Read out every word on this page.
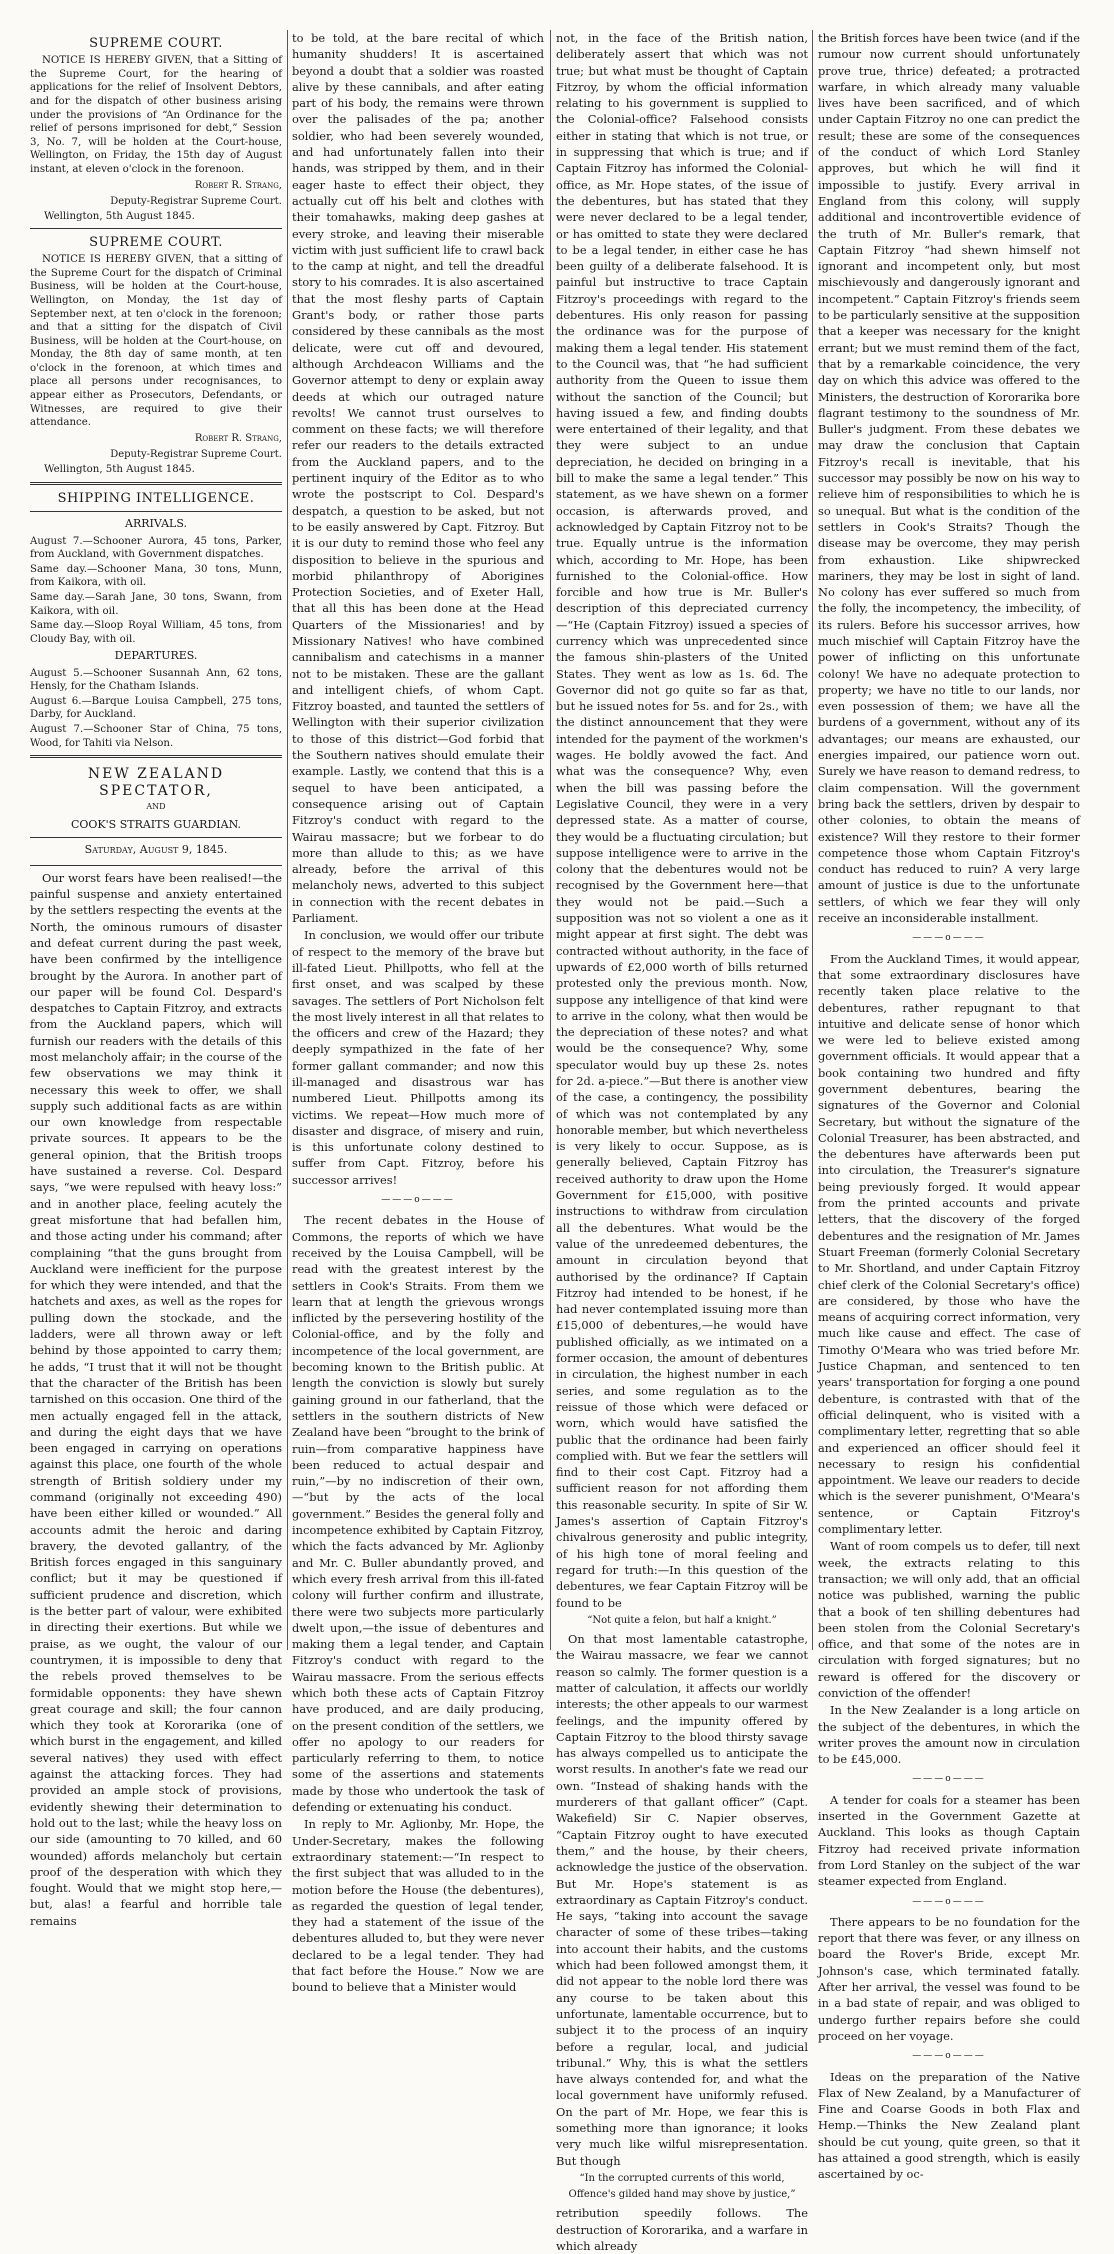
SUPREME COURT.

NOTICE IS HEREBY GIVEN, that a Sitting of the Supreme Court, for the hearing of applications for the relief of Insolvent Debtors, and for the dispatch of other business arising under the provisions of “An Ordinance for the relief of persons imprisoned for debt,” Session 3, No. 7, will be holden at the Court-house, Wellington, on Friday, the 15th day of August instant, at eleven o'clock in the forenoon.

Robert R. Strang,
Deputy-Registrar Supreme Court.
Wellington, 5th August 1845.
SUPREME COURT.

NOTICE IS HEREBY GIVEN, that a sitting of the Supreme Court for the dispatch of Criminal Business, will be holden at the Court-house, Wellington, on Monday, the 1st day of September next, at ten o'clock in the forenoon; and that a sitting for the dispatch of Civil Business, will be holden at the Court-house, on Monday, the 8th day of same month, at ten o'clock in the forenoon, at which times and place all persons under recognisances, to appear either as Prosecutors, Defendants, or Witnesses, are required to give their attendance.

Robert R. Strang,
Deputy-Registrar Supreme Court.
Wellington, 5th August 1845.
SHIPPING INTELLIGENCE.
ARRIVALS.

August 7.—Schooner Aurora, 45 tons, Parker, from Auckland, with Government dispatches.

Same day.—Schooner Mana, 30 tons, Munn, from Kaikora, with oil.

Same day.—Sarah Jane, 30 tons, Swann, from Kaikora, with oil.

Same day.—Sloop Royal William, 45 tons, from Cloudy Bay, with oil.

DEPARTURES.

August 5.—Schooner Susannah Ann, 62 tons, Hensly, for the Chatham Islands.

August 6.—Barque Louisa Campbell, 275 tons, Darby, for Auckland.

August 7.—Schooner Star of China, 75 tons, Wood, for Tahiti via Nelson.

NEW ZEALAND SPECTATOR,
AND
COOK'S STRAITS GUARDIAN.
Saturday, August 9, 1845.

Our worst fears have been realised!—the painful suspense and anxiety entertained by the settlers respecting the events at the North, the ominous rumours of disaster and defeat current during the past week, have been confirmed by the intelligence brought by the Aurora. In another part of our paper will be found Col. Despard's despatches to Captain Fitzroy, and extracts from the Auckland papers, which will furnish our readers with the details of this most melancholy affair; in the course of the few observations we may think it necessary this week to offer, we shall supply such additional facts as are within our own knowledge from respectable private sources. It appears to be the general opinion, that the British troops have sustained a reverse. Col. Despard says, “we were repulsed with heavy loss:” and in another place, feeling acutely the great misfortune that had befallen him, and those acting under his command; after complaining “that the guns brought from Auckland were inefficient for the purpose for which they were intended, and that the hatchets and axes, as well as the ropes for pulling down the stockade, and the ladders, were all thrown away or left behind by those appointed to carry them; he adds, “I trust that it will not be thought that the character of the British has been tarnished on this occasion. One third of the men actually engaged fell in the attack, and during the eight days that we have been engaged in carrying on operations against this place, one fourth of the whole strength of British soldiery under my command (originally not exceeding 490) have been either killed or wounded.” All accounts admit the heroic and daring bravery, the devoted gallantry, of the British forces engaged in this sanguinary conflict; but it may be questioned if sufficient prudence and discretion, which is the better part of valour, were exhibited in directing their exertions. But while we praise, as we ought, the valour of our countrymen, it is impossible to deny that the rebels proved themselves to be formidable opponents: they have shewn great courage and skill; the four cannon which they took at Kororarika (one of which burst in the engagement, and killed several natives) they used with effect against the attacking forces. They had provided an ample stock of provisions, evidently shewing their determination to hold out to the last; while the heavy loss on our side (amounting to 70 killed, and 60 wounded) affords melancholy but certain proof of the desperation with which they fought. Would that we might stop here,—but, alas! a fearful and horrible tale remains

to be told, at the bare recital of which humanity shudders! It is ascertained beyond a doubt that a soldier was roasted alive by these cannibals, and after eating part of his body, the remains were thrown over the palisades of the pa; another soldier, who had been severely wounded, and had unfortunately fallen into their hands, was stripped by them, and in their eager haste to effect their object, they actually cut off his belt and clothes with their tomahawks, making deep gashes at every stroke, and leaving their miserable victim with just sufficient life to crawl back to the camp at night, and tell the dreadful story to his comrades. It is also ascertained that the most fleshy parts of Captain Grant's body, or rather those parts considered by these cannibals as the most delicate, were cut off and devoured, although Archdeacon Williams and the Governor attempt to deny or explain away deeds at which our outraged nature revolts! We cannot trust ourselves to comment on these facts; we will therefore refer our readers to the details extracted from the Auckland papers, and to the pertinent inquiry of the Editor as to who wrote the postscript to Col. Despard's despatch, a question to be asked, but not to be easily answered by Capt. Fitzroy. But it is our duty to remind those who feel any disposition to believe in the spurious and morbid philanthropy of Aborigines Protection Societies, and of Exeter Hall, that all this has been done at the Head Quarters of the Missionaries! and by Missionary Natives! who have combined cannibalism and catechisms in a manner not to be mistaken. These are the gallant and intelligent chiefs, of whom Capt. Fitzroy boasted, and taunted the settlers of Wellington with their superior civilization to those of this district—God forbid that the Southern natives should emulate their example. Lastly, we contend that this is a sequel to have been anticipated, a consequence arising out of Captain Fitzroy's conduct with regard to the Wairau massacre; but we forbear to do more than allude to this; as we have already, before the arrival of this melancholy news, adverted to this subject in connection with the recent debates in Parliament.

In conclusion, we would offer our tribute of respect to the memory of the brave but ill-fated Lieut. Phillpotts, who fell at the first onset, and was scalped by these savages. The settlers of Port Nicholson felt the most lively interest in all that relates to the officers and crew of the Hazard; they deeply sympathized in the fate of her former gallant commander; and now this ill-managed and disastrous war has numbered Lieut. Phillpotts among its victims. We repeat—How much more of disaster and disgrace, of misery and ruin, is this unfortunate colony destined to suffer from Capt. Fitzroy, before his successor arrives!

———o———

The recent debates in the House of Commons, the reports of which we have received by the Louisa Campbell, will be read with the greatest interest by the settlers in Cook's Straits. From them we learn that at length the grievous wrongs inflicted by the persevering hostility of the Colonial-office, and by the folly and incompetence of the local government, are becoming known to the British public. At length the conviction is slowly but surely gaining ground in our fatherland, that the settlers in the southern districts of New Zealand have been “brought to the brink of ruin—from comparative happiness have been reduced to actual despair and ruin,”—by no indiscretion of their own,—“but by the acts of the local government.” Besides the general folly and incompetence exhibited by Captain Fitzroy, which the facts advanced by Mr. Aglionby and Mr. C. Buller abundantly proved, and which every fresh arrival from this ill-fated colony will further confirm and illustrate, there were two subjects more particularly dwelt upon,—the issue of debentures and making them a legal tender, and Captain Fitzroy's conduct with regard to the Wairau massacre. From the serious effects which both these acts of Captain Fitzroy have produced, and are daily producing, on the present condition of the settlers, we offer no apology to our readers for particularly referring to them, to notice some of the assertions and statements made by those who undertook the task of defending or extenuating his conduct.

In reply to Mr. Aglionby, Mr. Hope, the Under-Secretary, makes the following extraordinary statement:—“In respect to the first subject that was alluded to in the motion before the House (the debentures), as regarded the question of legal tender, they had a statement of the issue of the debentures alluded to, but they were never declared to be a legal tender. They had that fact before the House.” Now we are bound to believe that a Minister would

not, in the face of the British nation, deliberately assert that which was not true; but what must be thought of Captain Fitzroy, by whom the official information relating to his government is supplied to the Colonial-office? Falsehood consists either in stating that which is not true, or in suppressing that which is true; and if Captain Fitzroy has informed the Colonial-office, as Mr. Hope states, of the issue of the debentures, but has stated that they were never declared to be a legal tender, or has omitted to state they were declared to be a legal tender, in either case he has been guilty of a deliberate falsehood. It is painful but instructive to trace Captain Fitzroy's proceedings with regard to the debentures. His only reason for passing the ordinance was for the purpose of making them a legal tender. His statement to the Council was, that “he had sufficient authority from the Queen to issue them without the sanction of the Council; but having issued a few, and finding doubts were entertained of their legality, and that they were subject to an undue depreciation, he decided on bringing in a bill to make the same a legal tender.” This statement, as we have shewn on a former occasion, is afterwards proved, and acknowledged by Captain Fitzroy not to be true. Equally untrue is the information which, according to Mr. Hope, has been furnished to the Colonial-office. How forcible and how true is Mr. Buller's description of this depreciated currency—“He (Captain Fitzroy) issued a species of currency which was unprecedented since the famous shin-plasters of the United States. They went as low as 1s. 6d. The Governor did not go quite so far as that, but he issued notes for 5s. and for 2s., with the distinct announcement that they were intended for the payment of the workmen's wages. He boldly avowed the fact. And what was the consequence? Why, even when the bill was passing before the Legislative Council, they were in a very depressed state. As a matter of course, they would be a fluctuating circulation; but suppose intelligence were to arrive in the colony that the debentures would not be recognised by the Government here—that they would not be paid.—Such a supposition was not so violent a one as it might appear at first sight. The debt was contracted without authority, in the face of upwards of £2,000 worth of bills returned protested only the previous month. Now, suppose any intelligence of that kind were to arrive in the colony, what then would be the depreciation of these notes? and what would be the consequence? Why, some speculator would buy up these 2s. notes for 2d. a-piece.”—But there is another view of the case, a contingency, the possibility of which was not contemplated by any honorable member, but which nevertheless is very likely to occur. Suppose, as is generally believed, Captain Fitzroy has received authority to draw upon the Home Government for £15,000, with positive instructions to withdraw from circulation all the debentures. What would be the value of the unredeemed debentures, the amount in circulation beyond that authorised by the ordinance? If Captain Fitzroy had intended to be honest, if he had never contemplated issuing more than £15,000 of debentures,—he would have published officially, as we intimated on a former occasion, the amount of debentures in circulation, the highest number in each series, and some regulation as to the reissue of those which were defaced or worn, which would have satisfied the public that the ordinance had been fairly complied with. But we fear the settlers will find to their cost Capt. Fitzroy had a sufficient reason for not affording them this reasonable security. In spite of Sir W. James's assertion of Captain Fitzroy's chivalrous generosity and public integrity, of his high tone of moral feeling and regard for truth:—In this question of the debentures, we fear Captain Fitzroy will be found to be

“Not quite a felon, but half a knight.”

On that most lamentable catastrophe, the Wairau massacre, we fear we cannot reason so calmly. The former question is a matter of calculation, it affects our worldly interests; the other appeals to our warmest feelings, and the impunity offered by Captain Fitzroy to the blood thirsty savage has always compelled us to anticipate the worst results. In another's fate we read our own. “Instead of shaking hands with the murderers of that gallant officer” (Capt. Wakefield) Sir C. Napier observes, “Captain Fitzroy ought to have executed them,” and the house, by their cheers, acknowledge the justice of the observation. But Mr. Hope's statement is as extraordinary as Captain Fitzroy's conduct. He says, “taking into account the savage character of some of these tribes—taking into account their habits, and the customs which had been followed amongst them, it did not appear to the noble lord there was any course to be taken about this unfortunate, lamentable occurrence, but to subject it to the process of an inquiry before a regular, local, and judicial tribunal.” Why, this is what the settlers have always contended for, and what the local government have uniformly refused. On the part of Mr. Hope, we fear this is something more than ignorance; it looks very much like wilful misrepresentation. But though

“In the corrupted currents of this world, Offence's gilded hand may shove by justice,”

retribution speedily follows. The destruction of Kororarika, and a warfare in which already

the British forces have been twice (and if the rumour now current should unfortunately prove true, thrice) defeated; a protracted warfare, in which already many valuable lives have been sacrificed, and of which under Captain Fitzroy no one can predict the result; these are some of the consequences of the conduct of which Lord Stanley approves, but which he will find it impossible to justify. Every arrival in England from this colony, will supply additional and incontrovertible evidence of the truth of Mr. Buller's remark, that Captain Fitzroy “had shewn himself not ignorant and incompetent only, but most mischievously and dangerously ignorant and incompetent.” Captain Fitzroy's friends seem to be particularly sensitive at the supposition that a keeper was necessary for the knight errant; but we must remind them of the fact, that by a remarkable coincidence, the very day on which this advice was offered to the Ministers, the destruction of Kororarika bore flagrant testimony to the soundness of Mr. Buller's judgment. From these debates we may draw the conclusion that Captain Fitzroy's recall is inevitable, that his successor may possibly be now on his way to relieve him of responsibilities to which he is so unequal. But what is the condition of the settlers in Cook's Straits? Though the disease may be overcome, they may perish from exhaustion. Like shipwrecked mariners, they may be lost in sight of land. No colony has ever suffered so much from the folly, the incompetency, the imbecility, of its rulers. Before his successor arrives, how much mischief will Captain Fitzroy have the power of inflicting on this unfortunate colony! We have no adequate protection to property; we have no title to our lands, nor even possession of them; we have all the burdens of a government, without any of its advantages; our means are exhausted, our energies impaired, our patience worn out. Surely we have reason to demand redress, to claim compensation. Will the government bring back the settlers, driven by despair to other colonies, to obtain the means of existence? Will they restore to their former competence those whom Captain Fitzroy's conduct has reduced to ruin? A very large amount of justice is due to the unfortunate settlers, of which we fear they will only receive an inconsiderable installment.

———o———

From the Auckland Times, it would appear, that some extraordinary disclosures have recently taken place relative to the debentures, rather repugnant to that intuitive and delicate sense of honor which we were led to believe existed among government officials. It would appear that a book containing two hundred and fifty government debentures, bearing the signatures of the Governor and Colonial Secretary, but without the signature of the Colonial Treasurer, has been abstracted, and the debentures have afterwards been put into circulation, the Treasurer's signature being previously forged. It would appear from the printed accounts and private letters, that the discovery of the forged debentures and the resignation of Mr. James Stuart Freeman (formerly Colonial Secretary to Mr. Shortland, and under Captain Fitzroy chief clerk of the Colonial Secretary's office) are considered, by those who have the means of acquiring correct information, very much like cause and effect. The case of Timothy O'Meara who was tried before Mr. Justice Chapman, and sentenced to ten years' transportation for forging a one pound debenture, is contrasted with that of the official delinquent, who is visited with a complimentary letter, regretting that so able and experienced an officer should feel it necessary to resign his confidential appointment. We leave our readers to decide which is the severer punishment, O'Meara's sentence, or Captain Fitzroy's complimentary letter.

Want of room compels us to defer, till next week, the extracts relating to this transaction; we will only add, that an official notice was published, warning the public that a book of ten shilling debentures had been stolen from the Colonial Secretary's office, and that some of the notes are in circulation with forged signatures; but no reward is offered for the discovery or conviction of the offender!

In the New Zealander is a long article on the subject of the debentures, in which the writer proves the amount now in circulation to be £45,000.

———o———

A tender for coals for a steamer has been inserted in the Government Gazette at Auckland. This looks as though Captain Fitzroy had received private information from Lord Stanley on the subject of the war steamer expected from England.

———o———

There appears to be no foundation for the report that there was fever, or any illness on board the Rover's Bride, except Mr. Johnson's case, which terminated fatally. After her arrival, the vessel was found to be in a bad state of repair, and was obliged to undergo further repairs before she could proceed on her voyage.

———o———

Ideas on the preparation of the Native Flax of New Zealand, by a Manufacturer of Fine and Coarse Goods in both Flax and Hemp.—Thinks the New Zealand plant should be cut young, quite green, so that it has attained a good strength, which is easily ascertained by oc-
